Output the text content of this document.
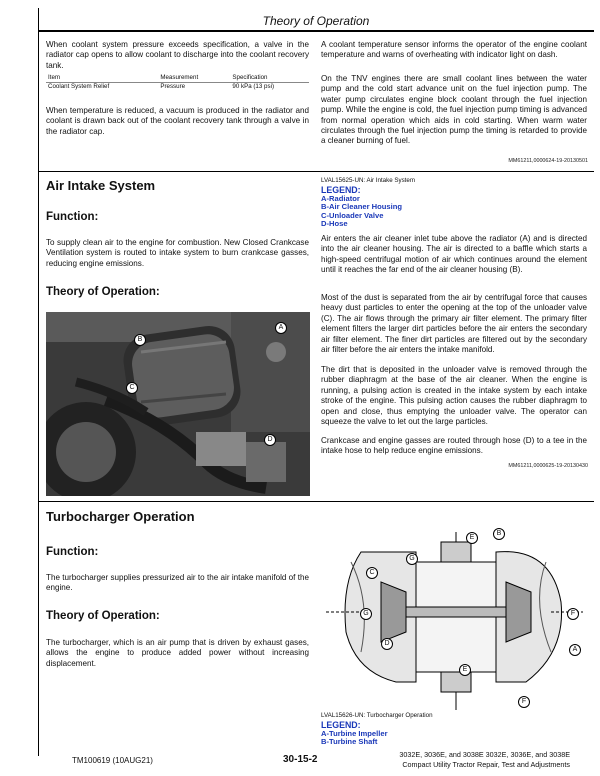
Theory of Operation
When coolant system pressure exceeds specification, a valve in the radiator cap opens to allow coolant to discharge into the coolant recovery tank.
Item	Measurement	Specification
Coolant System Relief	Pressure	90 kPa (13 psi)
When temperature is reduced, a vacuum is produced in the radiator and coolant is drawn back out of the coolant recovery tank through a valve in the radiator cap.
A coolant temperature sensor informs the operator of the engine coolant temperature and warns of overheating with indicator light on dash.
On the TNV engines there are small coolant lines between the water pump and the cold start advance unit on the fuel injection pump. The water pump circulates engine block coolant through the fuel injection pump. While the engine is cold, the fuel injection pump timing is advanced from normal operation which aids in cold starting. When warm water circulates through the fuel injection pump the timing is retarded to provide a cleaner burning of fuel.
MM61211,0000624-19-20130501
Air Intake System
Function:
To supply clean air to the engine for combustion. New Closed Crankcase Ventilation system is routed to intake system to burn crankcase gasses, reducing engine emissions.
Theory of Operation:
B
A
C
D
LVAL15625-UN: Air Intake System
LEGEND:
A-Radiator
B-Air Cleaner Housing
C-Unloader Valve
D-Hose
Air enters the air cleaner inlet tube above the radiator (A) and is directed into the air cleaner housing. The air is directed to a baffle which starts a high-speed centrifugal motion of air which continues around the element until it reaches the far end of the air cleaner housing (B).
Most of the dust is separated from the air by centrifugal force that causes heavy dust particles to enter the opening at the top of the unloader valve (C). The air flows through the primary air filter element. The primary filter element filters the larger dirt particles before the air enters the secondary air filter element. The finer dirt particles are filtered out by the secondary air filter before the air enters the intake manifold.
The dirt that is deposited in the unloader valve is removed through the rubber diaphragm at the base of the air cleaner. When the engine is running, a pulsing action is created in the intake system by each intake stroke of the engine. This pulsing action causes the rubber diaphragm to open and close, thus emptying the unloader valve. The operator can squeeze the valve to let out the large particles.
Crankcase and engine gasses are routed through hose (D) to a tee in the intake hose to help reduce engine emissions.
MM61211,0000625-19-20130430
Turbocharger Operation
Function:
The turbocharger supplies pressurized air to the air intake manifold of the engine.
Theory of Operation:
The turbocharger, which is an air pump that is driven by exhaust gases, allows the engine to produce added power without increasing displacement.
E
B
G
C
G	F
D
A
E
F
LVAL15626-UN: Turbocharger Operation
LEGEND:
A-Turbine Impeller
B-Turbine Shaft
TM100619 (10AUG21)	30-15-2	3032E, 3036E, and 3038E 3032E, 3036E, and 3038E
Compact Utility Tractor Repair, Test and Adjustments
